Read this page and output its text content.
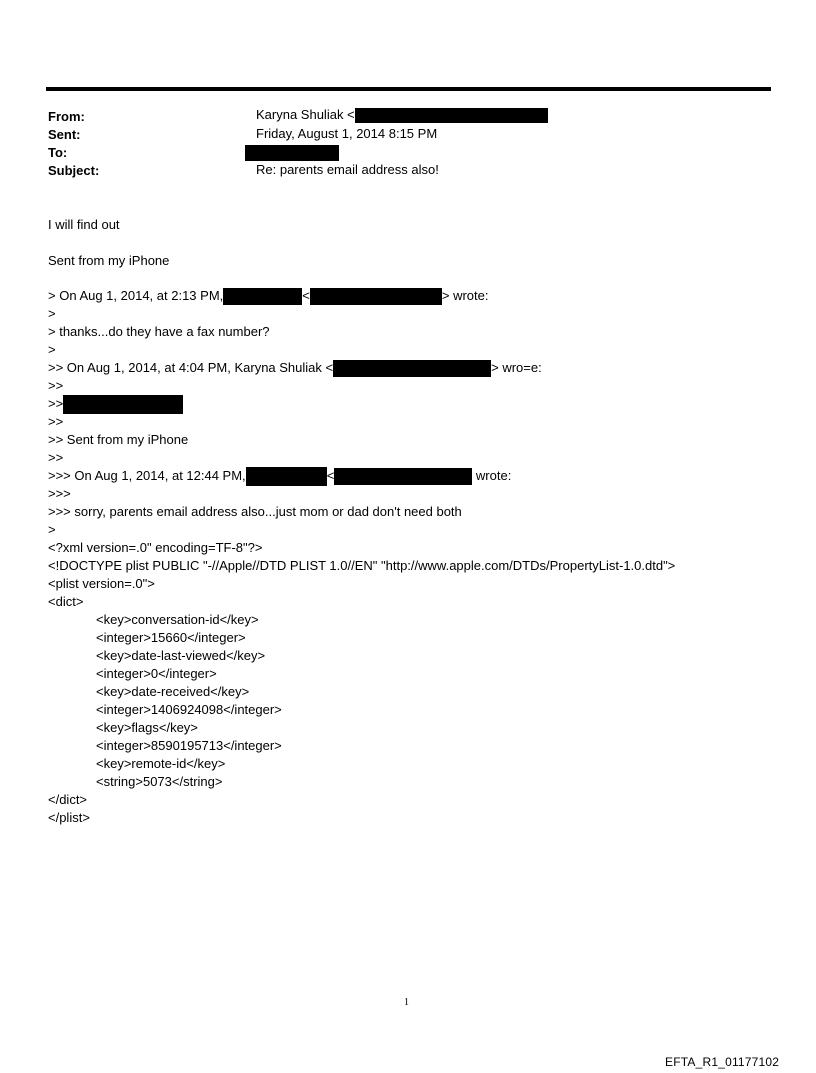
From:	Karyna Shuliak <
Sent:	Friday, August 1, 2014 8:15 PM
To:
Subject:	Re: parents email address also!
I will find out
Sent from my iPhone
> On Aug 1, 2014, at 2:13 PM,	<	> wrote:
>
> thanks...do they have a fax number?
>
>> On Aug 1, 2014, at 4:04 PM, Karyna Shuliak <	> wro=e:
>>
>>
>>
>> Sent from my iPhone
>>
>>> On Aug 1, 2014, at 12:44 PM,	<	wrote:
>>>
>>> sorry, parents email address also...just mom or dad don't need both
>
<?xml version=.0" encoding=TF-8"?>
<!DOCTYPE plist PUBLIC "-//Apple//DTD PLIST 1.0//EN" "http://www.apple.com/DTDs/PropertyList-1.0.dtd">
<plist version=.0">
<dict>
<key>conversation-id</key>
<integer>15660</integer>
<key>date-last-viewed</key>
<integer>0</integer>
<key>date-received</key>
<integer>1406924098</integer>
<key>flags</key>
<integer>8590195713</integer>
<key>remote-id</key>
<string>5073</string>
</dict>
</plist>
1
EFTA_R1_01177102
